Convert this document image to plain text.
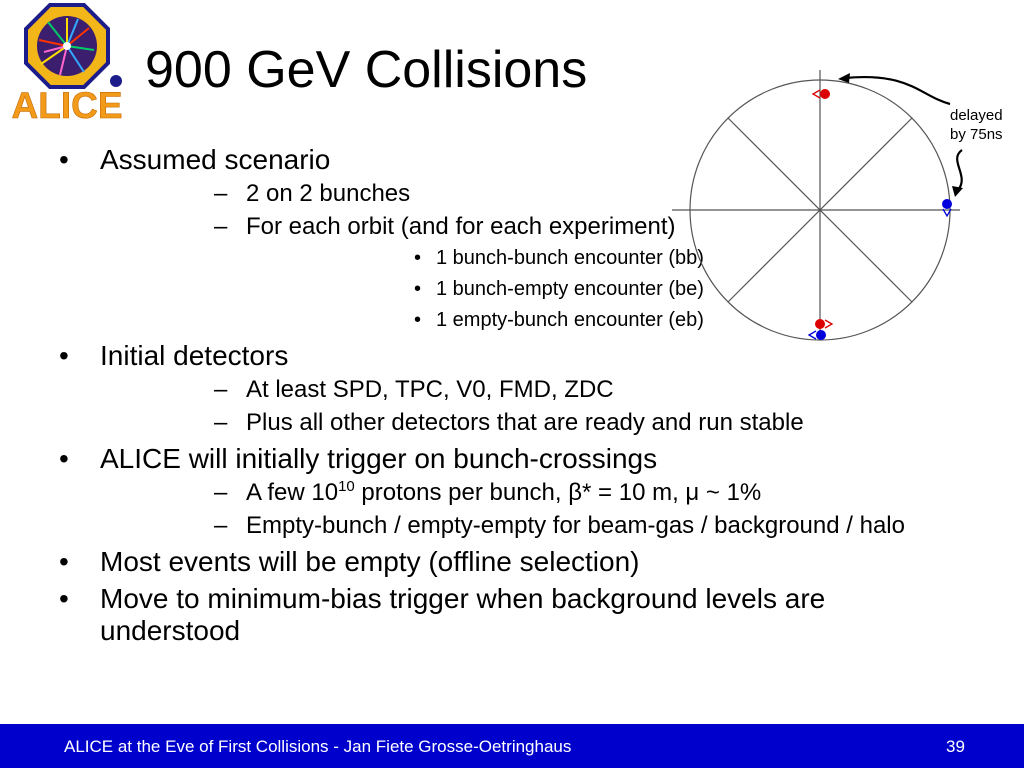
ALICE
900 GeV Collisions
• Assumed scenario
– 2 on 2 bunches
– For each orbit (and for each experiment)
• 1 bunch-bunch encounter (bb)
• 1 bunch-empty encounter (be)
• 1 empty-bunch encounter (eb)
• Initial detectors
– At least SPD, TPC, V0, FMD, ZDC
– Plus all other detectors that are ready and run stable
• ALICE will initially trigger on bunch-crossings
– A few $10^{10}$ protons per bunch, β* = 10 m, μ ~ 1%
– Empty-bunch / empty-empty for beam-gas / background / halo
• Most events will be empty (offline selection)
• Move to minimum-bias trigger when background levels are understood
delayed
by 75ns
ALICE at the Eve of First Collisions - Jan Fiete Grosse-Oetringhaus	39
